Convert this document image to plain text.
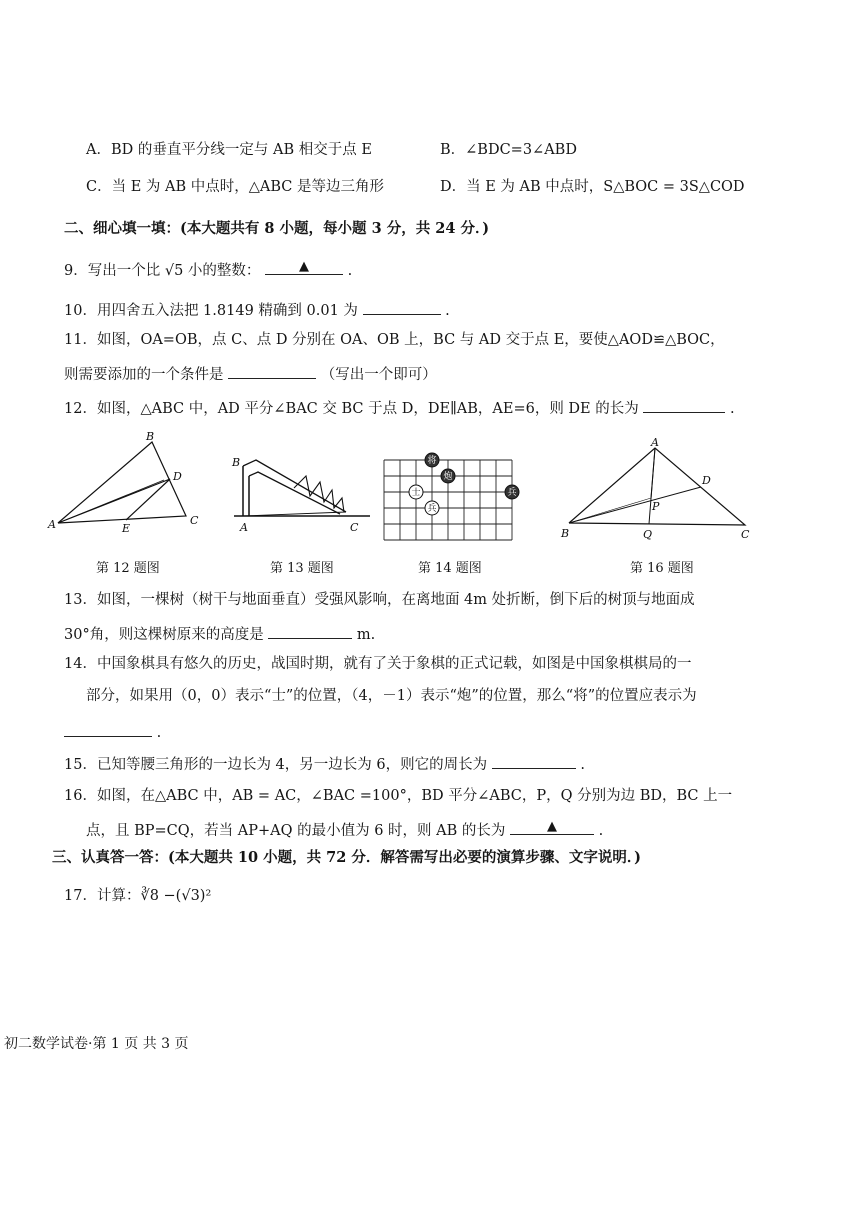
A．BD 的垂直平分线一定与 AB 相交于点 E	B．∠BDC=3∠ABD
C．当 E 为 AB 中点时，△ABC 是等边三角形	D．当 E 为 AB 中点时，S△BOC = 3S△COD
二、细心填一填：(本大题共有 8 小题，每小题 3 分，共 24 分．)
9．写出一个比 √5 小的整数：	▲	.
10．用四舍五入法把 1.8149 精确到 0.01 为	.
11．如图，OA=OB，点 C、点 D 分别在 OA、OB 上，BC 与 AD 交于点 E，要使△AOD≌△BOC，
则需要添加的一个条件是	（写出一个即可）
12．如图，△ABC 中，AD 平分∠BAC 交 BC 于点 D，DE∥AB，AE=6，则 DE 的长为	.
B
D
A	E
C
B
A	C
将
炮
士
兵
兵
A
D
P
B	Q	C
第 12 题图	第 13 题图	第 14 题图	第 16 题图
13．如图，一棵树（树干与地面垂直）受强风影响，在离地面 4m 处折断，倒下后的树顶与地面成
30°角，则这棵树原来的高度是	m.
14．中国象棋具有悠久的历史，战国时期，就有了关于象棋的正式记载，如图是中国象棋棋局的一
部分，如果用（0，0）表示“士”的位置，（4，－1）表示“炮”的位置，那么“将”的位置应表示为
.
15．已知等腰三角形的一边长为 4，另一边长为 6，则它的周长为	.
16．如图，在△ABC 中，AB = AC，∠BAC =100°，BD 平分∠ABC，P，Q 分别为边 BD，BC 上一
点，且 BP=CQ，若当 AP+AQ 的最小值为 6 时，则 AB 的长为	▲	.
三、认真答一答：(本大题共 10 小题，共 72 分．解答需写出必要的演算步骤、文字说明．)
17．计算：∛8 −(√3)²
初二数学试卷·第 1 页 共 3 页
